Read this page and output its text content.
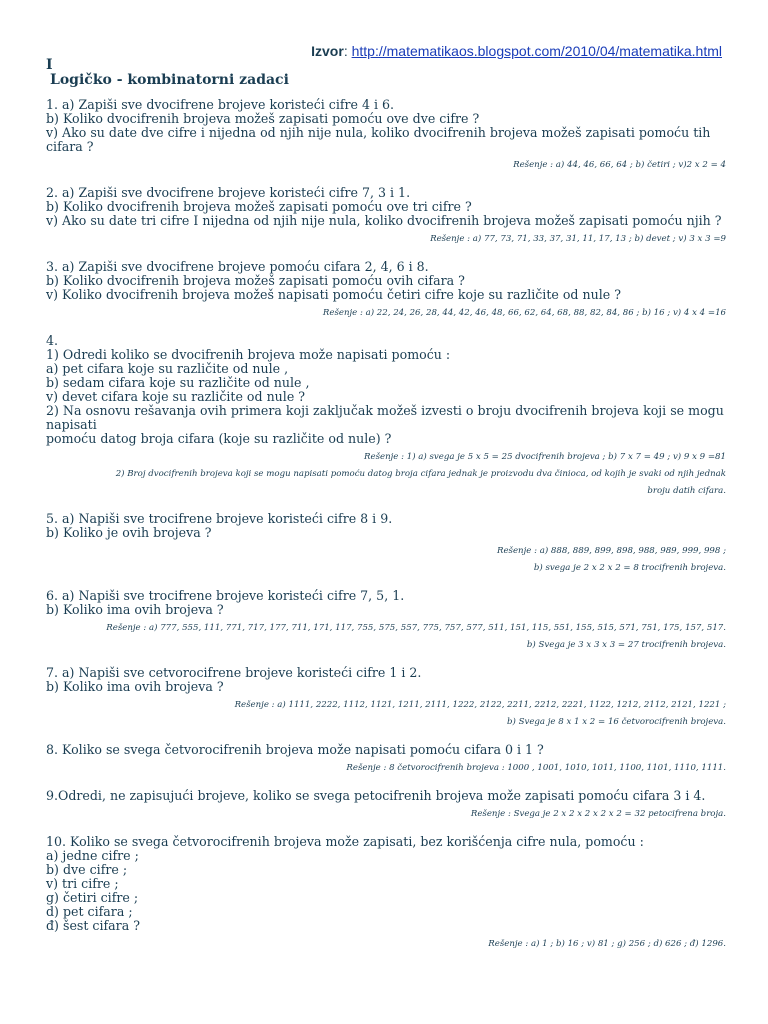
Izvor: http://matematikaos.blogspot.com/2010/04/matematika.html
I
Logičko - kombinatorni zadaci
1. a) Zapiši sve dvocifrene brojeve koristeći cifre 4 i 6.
b) Koliko dvocifrenih brojeva možeš zapisati pomoću ove dve cifre ?
v) Ako su date dve cifre i nijedna od njih nije nula, koliko dvocifrenih brojeva možeš zapisati pomoću tih cifara ?
Rešenje : a) 44, 46, 66, 64 ; b) četiri ; v)2 x 2 = 4
2. a) Zapiši sve dvocifrene brojeve koristeći cifre 7, 3 i 1.
b) Koliko dvocifrenih brojeva možeš zapisati pomoću ove tri cifre ?
v) Ako su date tri cifre I nijedna od njih nije nula, koliko dvocifrenih brojeva možeš zapisati pomoću njih ?
Rešenje : a) 77, 73, 71, 33, 37, 31, 11, 17, 13 ; b) devet ; v) 3 x 3 =9
3. a) Zapiši sve dvocifrene brojeve pomoću cifara 2, 4, 6 i 8.
b) Koliko dvocifrenih brojeva možeš zapisati pomoću ovih cifara ?
v) Koliko dvocifrenih brojeva možeš napisati pomoću četiri cifre koje su različite od nule ?
Rešenje : a) 22, 24, 26, 28, 44, 42, 46, 48, 66, 62, 64, 68, 88, 82, 84, 86 ; b) 16 ; v) 4 x 4 =16
4.
1) Odredi koliko se dvocifrenih brojeva može napisati pomoću :
a) pet cifara koje su različite od nule ,
b) sedam cifara koje su različite od nule ,
v) devet cifara koje su različite od nule ?
2) Na osnovu rešavanja ovih primera koji zaključak možeš izvesti o broju dvocifrenih brojeva koji se mogu napisati
pomoću datog broja cifara (koje su različite od nule) ?
Rešenje : 1) a) svega je 5 x 5 = 25 dvocifrenih brojeva ; b) 7 x 7 = 49 ; v) 9 x 9 =81
2) Broj dvocifrenih brojeva koji se mogu napisati pomoću datog broja cifara jednak je proizvodu dva činioca, od kojih je svaki od njih jednak
broju datih cifara.
5. a) Napiši sve trocifrene brojeve koristeći cifre 8 i 9.
b) Koliko je ovih brojeva ?
Rešenje : a) 888, 889, 899, 898, 988, 989, 999, 998 ;
b) svega je 2 x 2 x 2 = 8 trocifrenih brojeva.
6. a) Napiši sve trocifrene brojeve koristeći cifre 7, 5, 1.
b) Koliko ima ovih brojeva ?
Rešenje : a) 777, 555, 111, 771, 717, 177, 711, 171, 117, 755, 575, 557, 775, 757, 577, 511, 151, 115, 551, 155, 515, 571, 751, 175, 157, 517.
b) Svega je 3 x 3 x 3 = 27 trocifrenih brojeva.
7. a) Napiši sve cetvorocifrene brojeve koristeći cifre 1 i 2.
b) Koliko ima ovih brojeva ?
Rešenje : a) 1111, 2222, 1112, 1121, 1211, 2111, 1222, 2122, 2211, 2212, 2221, 1122, 1212, 2112, 2121, 1221 ;
b) Svega je 8 x 1 x 2 = 16 četvorocifrenih brojeva.
8. Koliko se svega četvorocifrenih brojeva može napisati pomoću cifara 0 i 1 ?
Rešenje : 8 četvorocifrenih brojeva : 1000 , 1001, 1010, 1011, 1100, 1101, 1110, 1111.
9.Odredi, ne zapisujući brojeve, koliko se svega petocifrenih brojeva može zapisati pomoću cifara 3 i 4.
Rešenje : Svega je 2 x 2 x 2 x 2 x 2 = 32 petocifrena broja.
10. Koliko se svega četvorocifrenih brojeva može zapisati, bez korišćenja cifre nula, pomoću :
a) jedne cifre ;
b) dve cifre ;
v) tri cifre ;
g) četiri cifre ;
d) pet cifara ;
đ) šest cifara ?
Rešenje : a) 1 ; b) 16 ; v) 81 ; g) 256 ; d) 626 ; đ) 1296.
